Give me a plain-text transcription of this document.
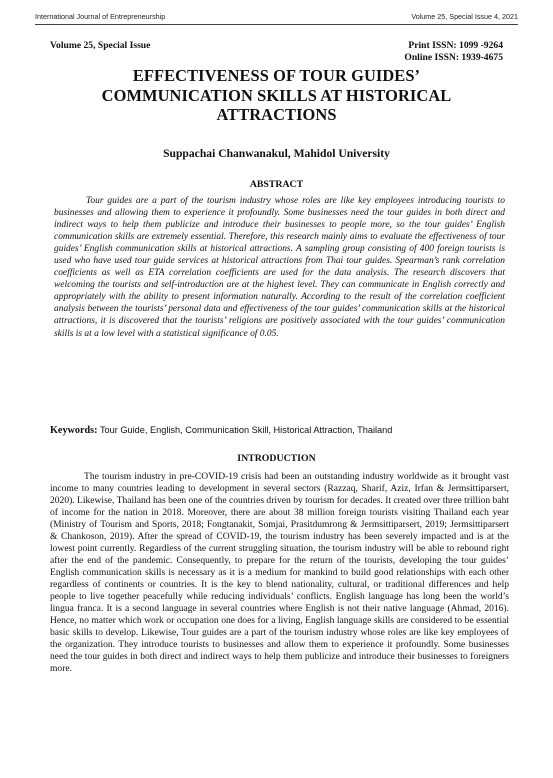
International Journal of Entrepreneurship	Volume 25, Special Issue 4, 2021
Volume 25, Special Issue	Print ISSN: 1099 -9264
Online ISSN: 1939-4675
EFFECTIVENESS OF TOUR GUIDES’
COMMUNICATION SKILLS AT HISTORICAL
ATTRACTIONS
Suppachai Chanwanakul, Mahidol University
ABSTRACT

Tour guides are a part of the tourism industry whose roles are like key employees introducing tourists to businesses and allowing them to experience it profoundly. Some businesses need the tour guides in both direct and indirect ways to help them publicize and introduce their businesses to people more, so the tour guides’ English communication skills are extremely essential. Therefore, this research mainly aims to evaluate the effectiveness of tour guides’ English communication skills at historical attractions. A sampling group consisting of 400 foreign tourists is used who have used tour guide services at historical attractions from Thai tour guides. Spearman’s rank correlation coefficients as well as ETA correlation coefficients are used for the data analysis. The research discovers that welcoming the tourists and self-introduction are at the highest level. They can communicate in English correctly and appropriately with the ability to present information naturally. According to the result of the correlation coefficient analysis between the tourists’ personal data and effectiveness of the tour guides’ communication skills at the historical attractions, it is discovered that the tourists’ religions are positively associated with the tour guides’ communication skills is at a low level with a statistical significance of 0.05.

Keywords: Tour Guide, English, Communication Skill, Historical Attraction, Thailand
INTRODUCTION

The tourism industry in pre-COVID-19 crisis had been an outstanding industry worldwide as it brought vast income to many countries leading to development in several sectors (Razzaq, Sharif, Aziz, Irfan & Jermsittiparsert, 2020). Likewise, Thailand has been one of the countries driven by tourism for decades. It created over three trillion baht of income for the nation in 2018. Moreover, there are about 38 million foreign tourists visiting Thailand each year (Ministry of Tourism and Sports, 2018; Fongtanakit, Somjai, Prasitdumrong & Jermsittiparsert, 2019; Jermsittiparsert & Chankoson, 2019). After the spread of COVID-19, the tourism industry has been severely impacted and is at the lowest point currently. Regardless of the current struggling situation, the tourism industry will be able to rebound right after the end of the pandemic. Consequently, to prepare for the return of the tourists, developing the tour guides’ English communication skills is necessary as it is a medium for mankind to build good relationships with each other regardless of continents or countries. It is the key to blend nationality, cultural, or traditional differences and help people to live together peacefully while reducing individuals’ conflicts. English language has long been the world’s lingua franca. It is a second language in several countries where English is not their native language (Ahmad, 2016). Hence, no matter which work or occupation one does for a living, English language skills are considered to be essential basic skills to develop. Likewise, Tour guides are a part of the tourism industry whose roles are like key employees of the organization. They introduce tourists to businesses and allow them to experience it profoundly. Some businesses need the tour guides in both direct and indirect ways to help them publicize and introduce their businesses to foreigners more.
